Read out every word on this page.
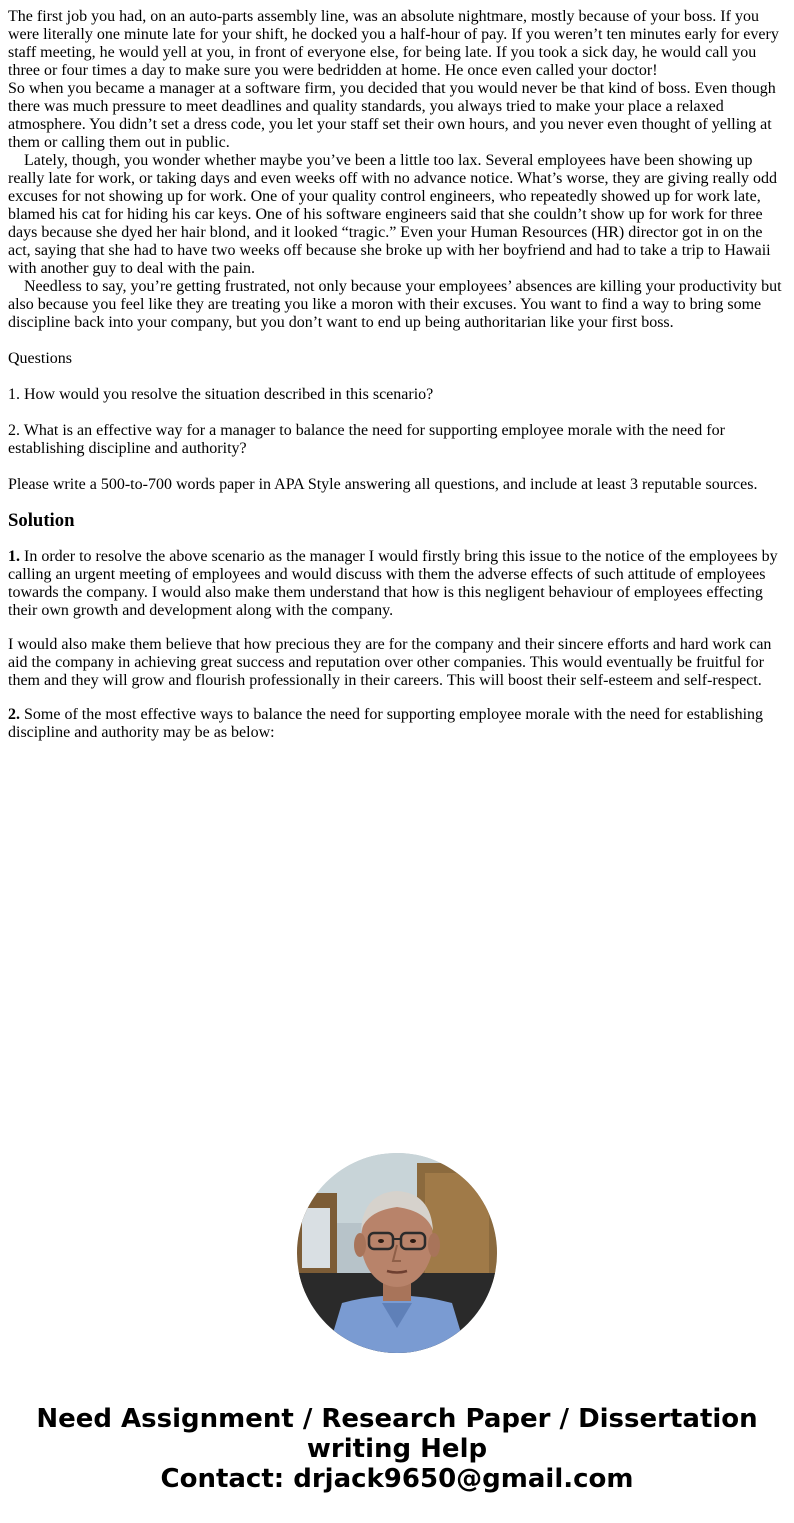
The first job you had, on an auto-parts assembly line, was an absolute nightmare, mostly because of your boss. If you were literally one minute late for your shift, he docked you a half-hour of pay. If you weren’t ten minutes early for every staff meeting, he would yell at you, in front of everyone else, for being late. If you took a sick day, he would call you three or four times a day to make sure you were bedridden at home. He once even called your doctor!

So when you became a manager at a software firm, you decided that you would never be that kind of boss. Even though there was much pressure to meet deadlines and quality standards, you always tried to make your place a relaxed atmosphere. You didn’t set a dress code, you let your staff set their own hours, and you never even thought of yelling at them or calling them out in public.

Lately, though, you wonder whether maybe you’ve been a little too lax. Several employees have been showing up really late for work, or taking days and even weeks off with no advance notice. What’s worse, they are giving really odd excuses for not showing up for work. One of your quality control engineers, who repeatedly showed up for work late, blamed his cat for hiding his car keys. One of his software engineers said that she couldn’t show up for work for three days because she dyed her hair blond, and it looked “tragic.” Even your Human Resources (HR) director got in on the act, saying that she had to have two weeks off because she broke up with her boyfriend and had to take a trip to Hawaii with another guy to deal with the pain.

Needless to say, you’re getting frustrated, not only because your employees’ absences are killing your productivity but also because you feel like they are treating you like a moron with their excuses. You want to find a way to bring some discipline back into your company, but you don’t want to end up being authoritarian like your first boss.

Questions

1. How would you resolve the situation described in this scenario?

2. What is an effective way for a manager to balance the need for supporting employee morale with the need for establishing discipline and authority?

Please write a 500-to-700 words paper in APA Style answering all questions, and include at least 3 reputable sources.

Solution

1. In order to resolve the above scenario as the manager I would firstly bring this issue to the notice of the employees by calling an urgent meeting of employees and would discuss with them the adverse effects of such attitude of employees towards the company. I would also make them understand that how is this negligent behaviour of employees effecting their own growth and development along with the company.

I would also make them believe that how precious they are for the company and their sincere efforts and hard work can aid the company in achieving great success and reputation over other companies. This would eventually be fruitful for them and they will grow and flourish professionally in their careers. This will boost their self-esteem and self-respect.

2. Some of the most effective ways to balance the need for supporting employee morale with the need for establishing discipline and authority may be as below:

Need Assignment / Research Paper / Dissertation
writing Help
Contact: drjack9650@gmail.com
